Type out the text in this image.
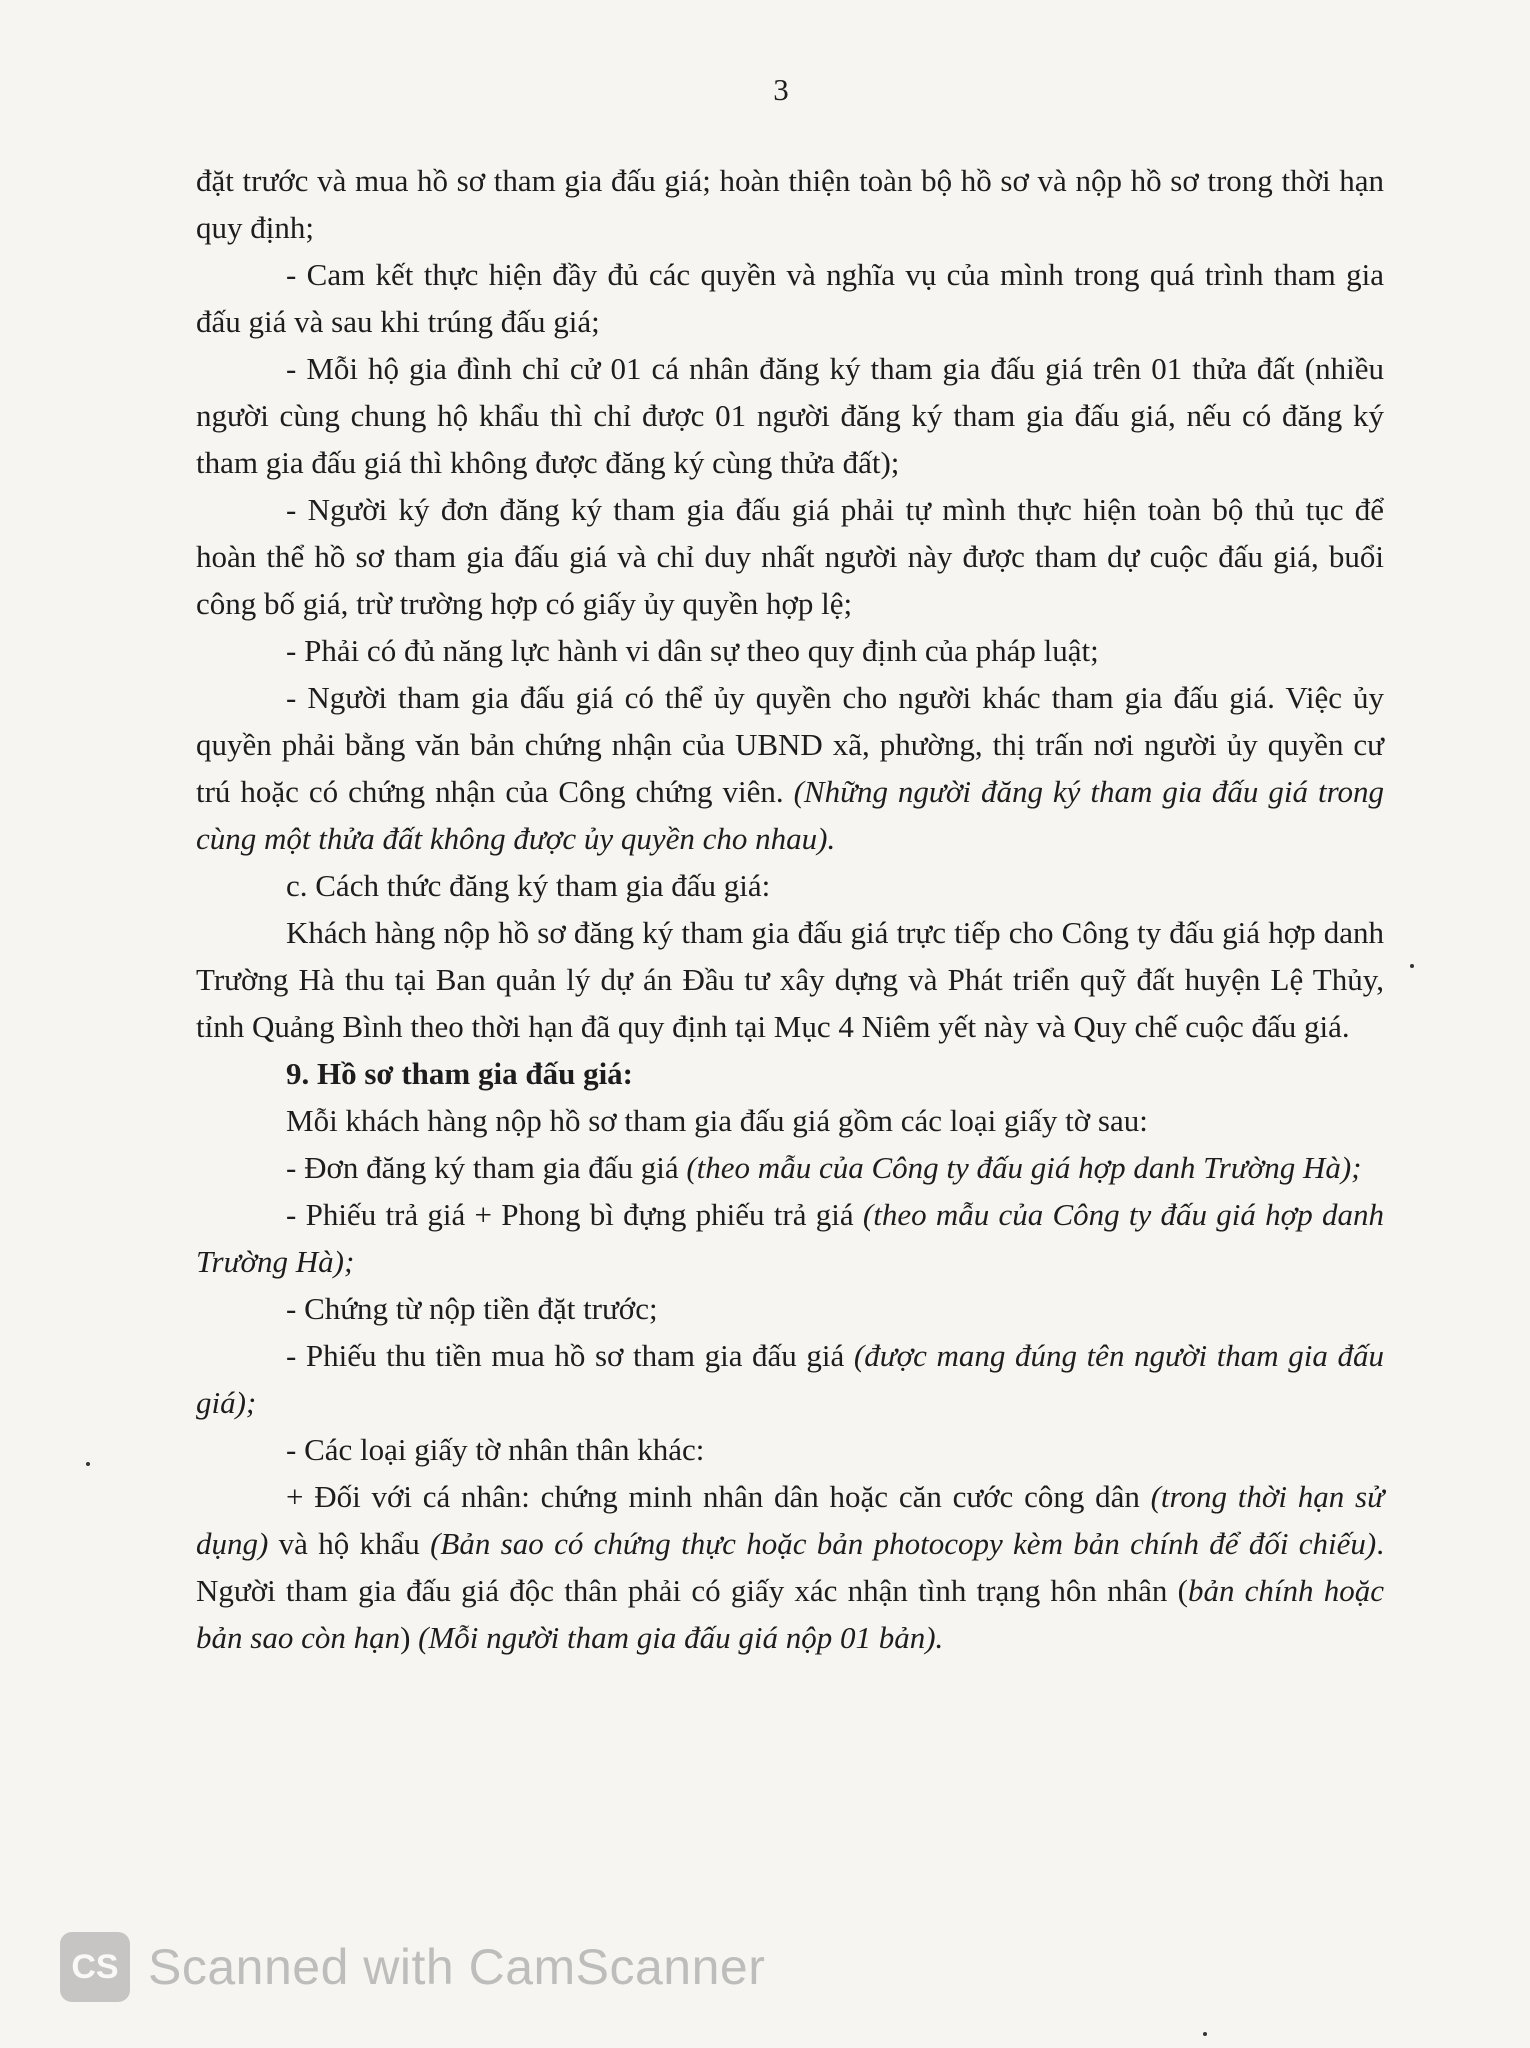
3

đặt trước và mua hồ sơ tham gia đấu giá; hoàn thiện toàn bộ hồ sơ và nộp hồ sơ trong thời hạn quy định;

- Cam kết thực hiện đầy đủ các quyền và nghĩa vụ của mình trong quá trình tham gia đấu giá và sau khi trúng đấu giá;

- Mỗi hộ gia đình chỉ cử 01 cá nhân đăng ký tham gia đấu giá trên 01 thửa đất (nhiều người cùng chung hộ khẩu thì chỉ được 01 người đăng ký tham gia đấu giá, nếu có đăng ký tham gia đấu giá thì không được đăng ký cùng thửa đất);

- Người ký đơn đăng ký tham gia đấu giá phải tự mình thực hiện toàn bộ thủ tục để hoàn thể hồ sơ tham gia đấu giá và chỉ duy nhất người này được tham dự cuộc đấu giá, buổi công bố giá, trừ trường hợp có giấy ủy quyền hợp lệ;

- Phải có đủ năng lực hành vi dân sự theo quy định của pháp luật;

- Người tham gia đấu giá có thể ủy quyền cho người khác tham gia đấu giá. Việc ủy quyền phải bằng văn bản chứng nhận của UBND xã, phường, thị trấn nơi người ủy quyền cư trú hoặc có chứng nhận của Công chứng viên. (Những người đăng ký tham gia đấu giá trong cùng một thửa đất không được ủy quyền cho nhau).

c. Cách thức đăng ký tham gia đấu giá:

Khách hàng nộp hồ sơ đăng ký tham gia đấu giá trực tiếp cho Công ty đấu giá hợp danh Trường Hà thu tại Ban quản lý dự án Đầu tư xây dựng và Phát triển quỹ đất huyện Lệ Thủy, tỉnh Quảng Bình theo thời hạn đã quy định tại Mục 4 Niêm yết này và Quy chế cuộc đấu giá.

9. Hồ sơ tham gia đấu giá:

Mỗi khách hàng nộp hồ sơ tham gia đấu giá gồm các loại giấy tờ sau:

- Đơn đăng ký tham gia đấu giá (theo mẫu của Công ty đấu giá hợp danh Trường Hà);

- Phiếu trả giá + Phong bì đựng phiếu trả giá (theo mẫu của Công ty đấu giá hợp danh Trường Hà);

- Chứng từ nộp tiền đặt trước;

- Phiếu thu tiền mua hồ sơ tham gia đấu giá (được mang đúng tên người tham gia đấu giá);

- Các loại giấy tờ nhân thân khác:

+ Đối với cá nhân: chứng minh nhân dân hoặc căn cước công dân (trong thời hạn sử dụng) và hộ khẩu (Bản sao có chứng thực hoặc bản photocopy kèm bản chính để đối chiếu). Người tham gia đấu giá độc thân phải có giấy xác nhận tình trạng hôn nhân (bản chính hoặc bản sao còn hạn) (Mỗi người tham gia đấu giá nộp 01 bản).

CS Scanned with CamScanner
